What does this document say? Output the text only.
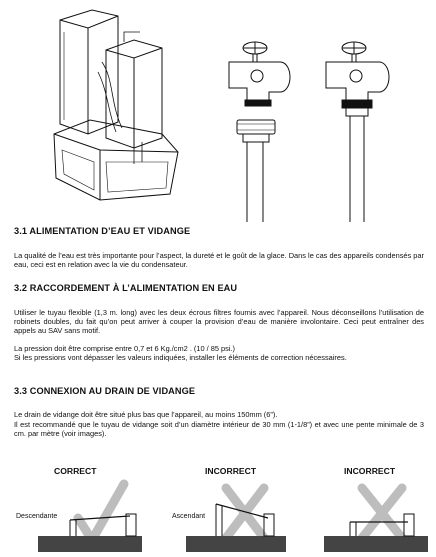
3.1 ALIMENTATION D’EAU ET VIDANGE

La qualité de l’eau est très importante pour l’aspect, la dureté et le goût de la glace. Dans le cas des appareils condensés par eau, ceci est en relation avec la vie du condensateur.

3.2 RACCORDEMENT À L’ALIMENTATION EN EAU

Utiliser le tuyau flexible (1,3 m. long) avec les deux écrous filtres fournis avec l’appareil. Nous déconseillons l’utilisation de robinets doubles, du fait qu’on peut arriver à couper la provision d’eau de manière involontaire. Ceci peut entraîner des appels au SAV sans motif.

La pression doit être comprise entre 0,7 et 6 Kg./cm2 . (10 / 85 psi.)

Si les pressions vont dépasser les valeurs indiquées, installer les éléments de correction nécessaires.

3.3 CONNEXION AU DRAIN DE VIDANGE

Le drain de vidange doit être situé plus bas que l’appareil, au moins 150mm (6”).

Il est recommandé que le tuyau de vidange soit d’un diamètre intérieur de 30 mm (1-1/8”) et avec une pente minimale de 3 cm. par mètre (voir images).

CORRECT	INCORRECT	INCORRECT
Descendante	Ascendant
